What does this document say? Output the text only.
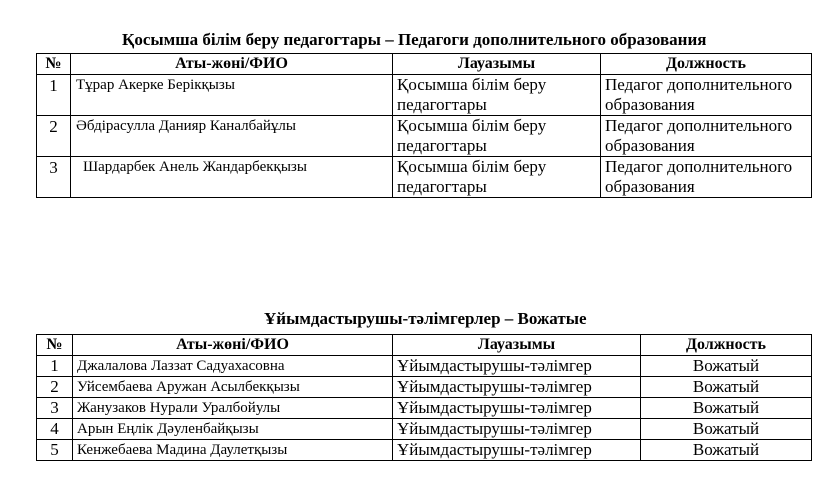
Қосымша білім беру педагогтары – Педагоги дополнительного образования
№	Аты-жөні/ФИО	Лауазымы	Должность
1	Тұрар Акерке Берікқызы	Қосымша білім беру педагогтары	Педагог дополнительного образования
2	Әбдірасулла Данияр Каналбайұлы	Қосымша білім беру педагогтары	Педагог дополнительного образования
3	Шардарбек Анель Жандарбекқызы	Қосымша білім беру педагогтары	Педагог дополнительного образования
Ұйымдастырушы-тәлімгерлер – Вожатые
№	Аты-жөні/ФИО	Лауазымы	Должность
1	Джалалова Лаззат Садуахасовна	Ұйымдастырушы-тәлімгер	Вожатый
2	Уйсембаева Аружан Асылбекқызы	Ұйымдастырушы-тәлімгер	Вожатый
3	Жанузаков Нурали Уралбойулы	Ұйымдастырушы-тәлімгер	Вожатый
4	Арын Еңлік Дәуленбайқызы	Ұйымдастырушы-тәлімгер	Вожатый
5	Кенжебаева Мадина Даулетқызы	Ұйымдастырушы-тәлімгер	Вожатый
